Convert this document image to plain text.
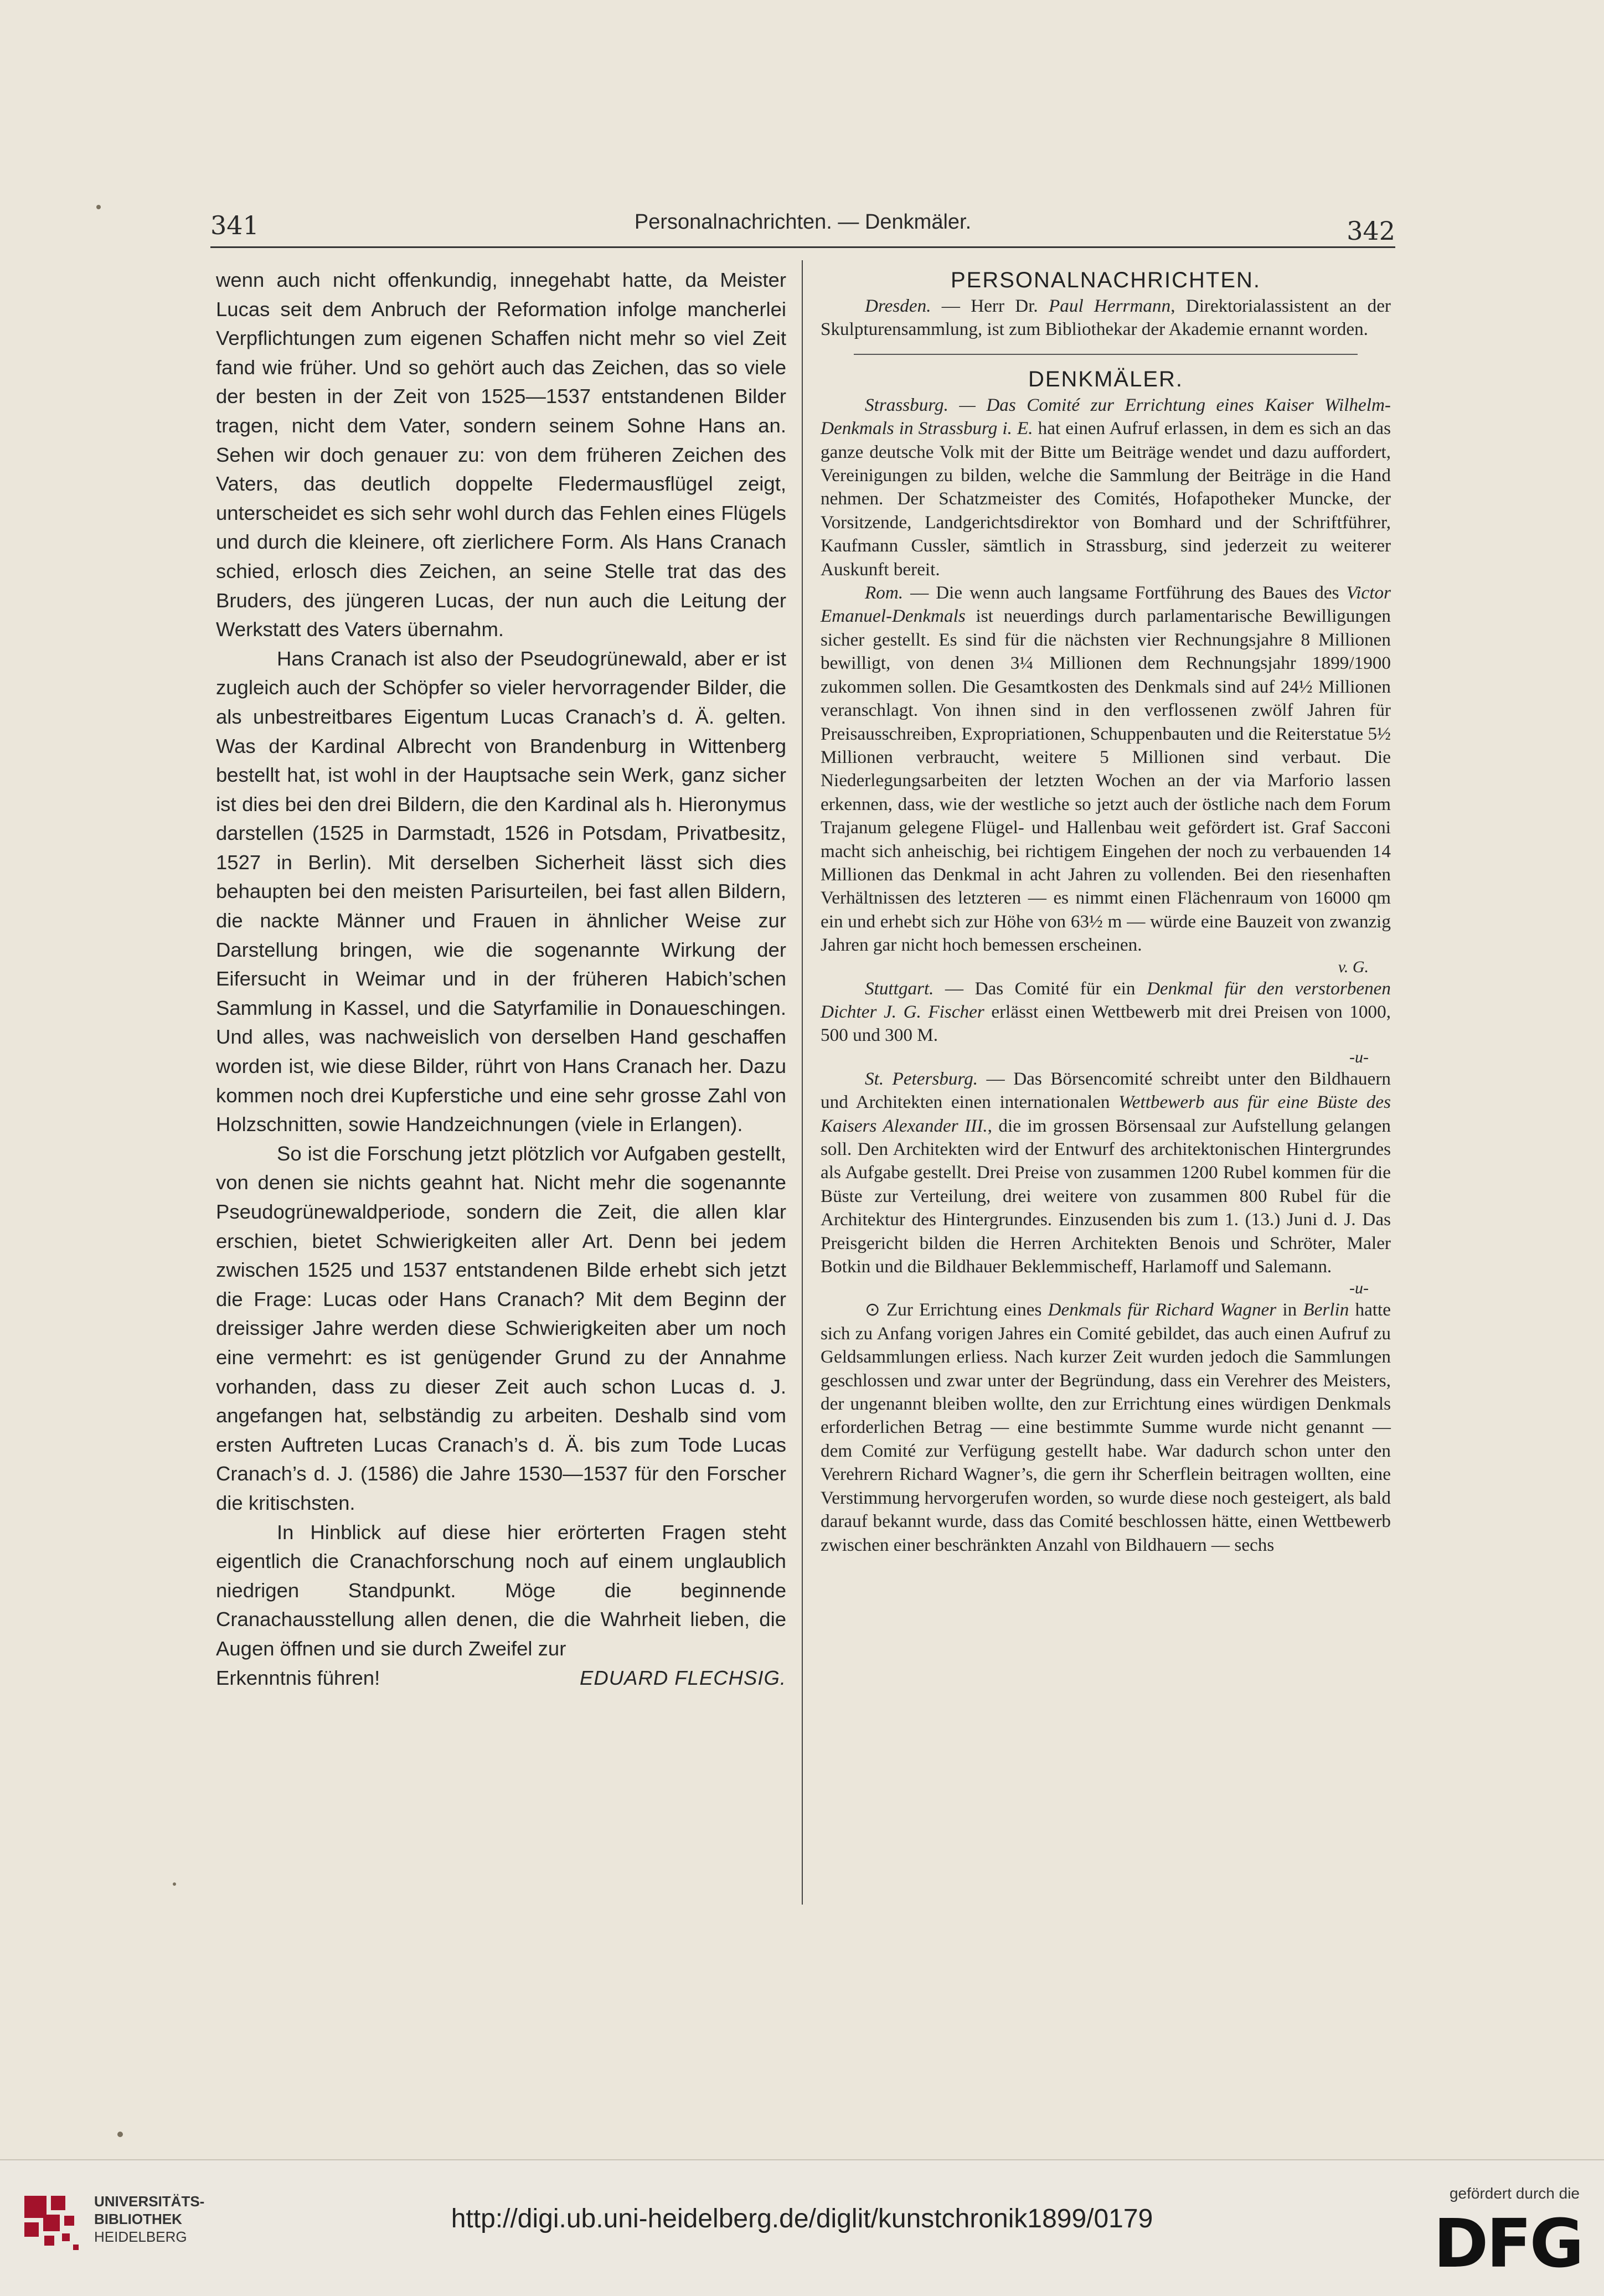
341	Personalnachrichten. — Denkmäler.	342

wenn auch nicht offenkundig, innegehabt hatte, da Meister Lucas seit dem Anbruch der Reformation infolge mancherlei Verpflichtungen zum eigenen Schaffen nicht mehr so viel Zeit fand wie früher. Und so gehört auch das Zeichen, das so viele der besten in der Zeit von 1525—1537 entstandenen Bilder tragen, nicht dem Vater, sondern seinem Sohne Hans an. Sehen wir doch genauer zu: von dem früheren Zeichen des Vaters, das deutlich doppelte Fledermausflügel zeigt, unterscheidet es sich sehr wohl durch das Fehlen eines Flügels und durch die kleinere, oft zierlichere Form. Als Hans Cranach schied, erlosch dies Zeichen, an seine Stelle trat das des Bruders, des jüngeren Lucas, der nun auch die Leitung der Werkstatt des Vaters übernahm.

Hans Cranach ist also der Pseudogrünewald, aber er ist zugleich auch der Schöpfer so vieler hervorragender Bilder, die als unbestreitbares Eigentum Lucas Cranach’s d. Ä. gelten. Was der Kardinal Albrecht von Brandenburg in Wittenberg bestellt hat, ist wohl in der Hauptsache sein Werk, ganz sicher ist dies bei den drei Bildern, die den Kardinal als h. Hieronymus darstellen (1525 in Darmstadt, 1526 in Potsdam, Privatbesitz, 1527 in Berlin). Mit derselben Sicherheit lässt sich dies behaupten bei den meisten Parisurteilen, bei fast allen Bildern, die nackte Männer und Frauen in ähnlicher Weise zur Darstellung bringen, wie die sogenannte Wirkung der Eifersucht in Weimar und in der früheren Habich’schen Sammlung in Kassel, und die Satyrfamilie in Donaueschingen. Und alles, was nachweislich von derselben Hand geschaffen worden ist, wie diese Bilder, rührt von Hans Cranach her. Dazu kommen noch drei Kupferstiche und eine sehr grosse Zahl von Holzschnitten, sowie Handzeichnungen (viele in Erlangen).

So ist die Forschung jetzt plötzlich vor Aufgaben gestellt, von denen sie nichts geahnt hat. Nicht mehr die sogenannte Pseudogrünewaldperiode, sondern die Zeit, die allen klar erschien, bietet Schwierigkeiten aller Art. Denn bei jedem zwischen 1525 und 1537 entstandenen Bilde erhebt sich jetzt die Frage: Lucas oder Hans Cranach? Mit dem Beginn der dreissiger Jahre werden diese Schwierigkeiten aber um noch eine vermehrt: es ist genügender Grund zu der Annahme vorhanden, dass zu dieser Zeit auch schon Lucas d. J. angefangen hat, selbständig zu arbeiten. Deshalb sind vom ersten Auftreten Lucas Cranach’s d. Ä. bis zum Tode Lucas Cranach’s d. J. (1586) die Jahre 1530—1537 für den Forscher die kritischsten.

In Hinblick auf diese hier erörterten Fragen steht eigentlich die Cranachforschung noch auf einem unglaublich niedrigen Standpunkt. Möge die beginnende Cranachausstellung allen denen, die die Wahrheit lieben, die Augen öffnen und sie durch Zweifel zur

Erkenntnis führen!	EDUARD FLECHSIG.

PERSONALNACHRICHTEN.

Dresden. — Herr Dr. Paul Herrmann, Direktorialassistent an der Skulpturensammlung, ist zum Bibliothekar der Akademie ernannt worden.

DENKMÄLER.

Strassburg. — Das Comité zur Errichtung eines Kaiser Wilhelm-Denkmals in Strassburg i. E. hat einen Aufruf erlassen, in dem es sich an das ganze deutsche Volk mit der Bitte um Beiträge wendet und dazu auffordert, Vereinigungen zu bilden, welche die Sammlung der Beiträge in die Hand nehmen. Der Schatzmeister des Comités, Hofapotheker Muncke, der Vorsitzende, Landgerichtsdirektor von Bomhard und der Schriftführer, Kaufmann Cussler, sämtlich in Strassburg, sind jederzeit zu weiterer Auskunft bereit.

Rom. — Die wenn auch langsame Fortführung des Baues des Victor Emanuel-Denkmals ist neuerdings durch parlamentarische Bewilligungen sicher gestellt. Es sind für die nächsten vier Rechnungsjahre 8 Millionen bewilligt, von denen 3¼ Millionen dem Rechnungsjahr 1899/1900 zukommen sollen. Die Gesamtkosten des Denkmals sind auf 24½ Millionen veranschlagt. Von ihnen sind in den verflossenen zwölf Jahren für Preisausschreiben, Expropriationen, Schuppenbauten und die Reiterstatue 5½ Millionen verbraucht, weitere 5 Millionen sind verbaut. Die Niederlegungsarbeiten der letzten Wochen an der via Marforio lassen erkennen, dass, wie der westliche so jetzt auch der östliche nach dem Forum Trajanum gelegene Flügel- und Hallenbau weit gefördert ist. Graf Sacconi macht sich anheischig, bei richtigem Eingehen der noch zu verbauenden 14 Millionen das Denkmal in acht Jahren zu vollenden. Bei den riesenhaften Verhältnissen des letzteren — es nimmt einen Flächenraum von 16000 qm ein und erhebt sich zur Höhe von 63½ m — würde eine Bauzeit von zwanzig Jahren gar nicht hoch bemessen erscheinen.

v. G.

Stuttgart. — Das Comité für ein Denkmal für den verstorbenen Dichter J. G. Fischer erlässt einen Wettbewerb mit drei Preisen von 1000, 500 und 300 M.

-u-

St. Petersburg. — Das Börsencomité schreibt unter den Bildhauern und Architekten einen internationalen Wettbewerb aus für eine Büste des Kaisers Alexander III., die im grossen Börsensaal zur Aufstellung gelangen soll. Den Architekten wird der Entwurf des architektonischen Hintergrundes als Aufgabe gestellt. Drei Preise von zusammen 1200 Rubel kommen für die Büste zur Verteilung, drei weitere von zusammen 800 Rubel für die Architektur des Hintergrundes. Einzusenden bis zum 1. (13.) Juni d. J. Das Preisgericht bilden die Herren Architekten Benois und Schröter, Maler Botkin und die Bildhauer Beklemmischeff, Harlamoff und Salemann.

-u-

⊙ Zur Errichtung eines Denkmals für Richard Wagner in Berlin hatte sich zu Anfang vorigen Jahres ein Comité gebildet, das auch einen Aufruf zu Geldsammlungen erliess. Nach kurzer Zeit wurden jedoch die Sammlungen geschlossen und zwar unter der Begründung, dass ein Verehrer des Meisters, der ungenannt bleiben wollte, den zur Errichtung eines würdigen Denkmals erforderlichen Betrag — eine bestimmte Summe wurde nicht genannt — dem Comité zur Verfügung gestellt habe. War dadurch schon unter den Verehrern Richard Wagner’s, die gern ihr Scherflein beitragen wollten, eine Verstimmung hervorgerufen worden, so wurde diese noch gesteigert, als bald darauf bekannt wurde, dass das Comité beschlossen hätte, einen Wettbewerb zwischen einer beschränkten Anzahl von Bildhauern — sechs

UNIVERSITÄTS-
BIBLIOTHEK
HEIDELBERG
http://digi.ub.uni-heidelberg.de/diglit/kunstchronik1899/0179
gefördert durch die
DFG
